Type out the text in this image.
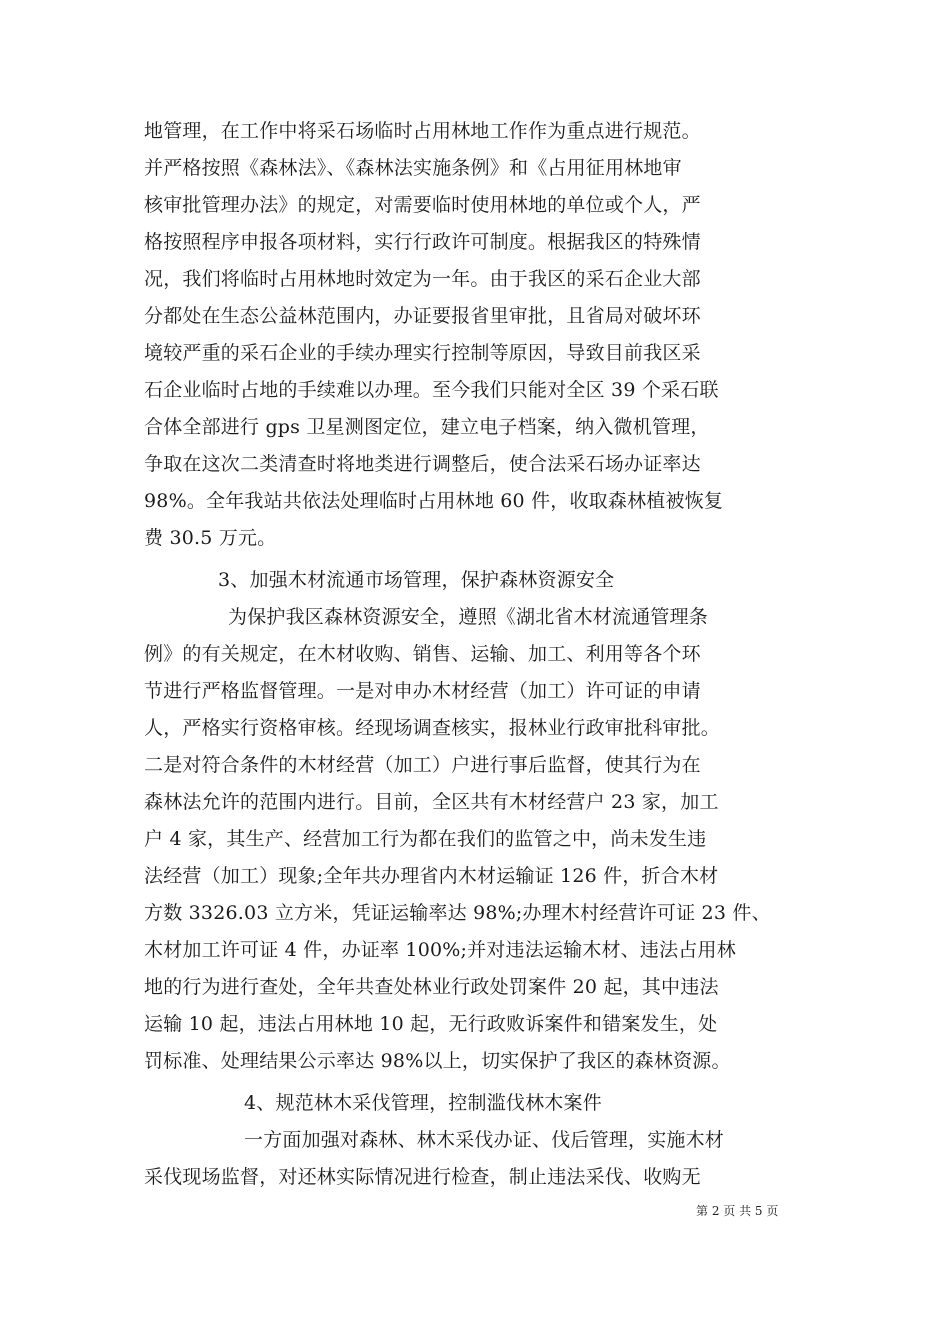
地管理，在工作中将采石场临时占用林地工作作为重点进行规范。
并严格按照《森林法》、《森林法实施条例》和《占用征用林地审
核审批管理办法》的规定，对需要临时使用林地的单位或个人，严
格按照程序申报各项材料，实行行政许可制度。根据我区的特殊情
况，我们将临时占用林地时效定为一年。由于我区的采石企业大部
分都处在生态公益林范围内，办证要报省里审批，且省局对破坏环
境较严重的采石企业的手续办理实行控制等原因，导致目前我区采
石企业临时占地的手续难以办理。至今我们只能对全区 39 个采石联
合体全部进行 gps 卫星测图定位，建立电子档案，纳入微机管理，
争取在这次二类清查时将地类进行调整后，使合法采石场办证率达
98%。全年我站共依法处理临时占用林地 60 件，收取森林植被恢复
费 30.5 万元。
3、加强木材流通市场管理，保护森林资源安全
为保护我区森林资源安全，遵照《湖北省木材流通管理条
例》的有关规定，在木材收购、销售、运输、加工、利用等各个环
节进行严格监督管理。一是对申办木材经营（加工）许可证的申请
人，严格实行资格审核。经现场调查核实，报林业行政审批科审批。
二是对符合条件的木材经营（加工）户进行事后监督，使其行为在
森林法允许的范围内进行。目前，全区共有木材经营户 23 家，加工
户 4 家，其生产、经营加工行为都在我们的监管之中，尚未发生违
法经营（加工）现象;全年共办理省内木材运输证 126 件，折合木材
方数 3326.03 立方米，凭证运输率达 98%;办理木村经营许可证 23 件、
木材加工许可证 4 件，办证率 100%;并对违法运输木材、违法占用林
地的行为进行查处，全年共查处林业行政处罚案件 20 起，其中违法
运输 10 起，违法占用林地 10 起，无行政败诉案件和错案发生，处
罚标准、处理结果公示率达 98%以上，切实保护了我区的森林资源。
4、规范林木采伐管理，控制滥伐林木案件
一方面加强对森林、林木采伐办证、伐后管理，实施木材
采伐现场监督，对还林实际情况进行检查，制止违法采伐、收购无
第 2 页 共 5 页
